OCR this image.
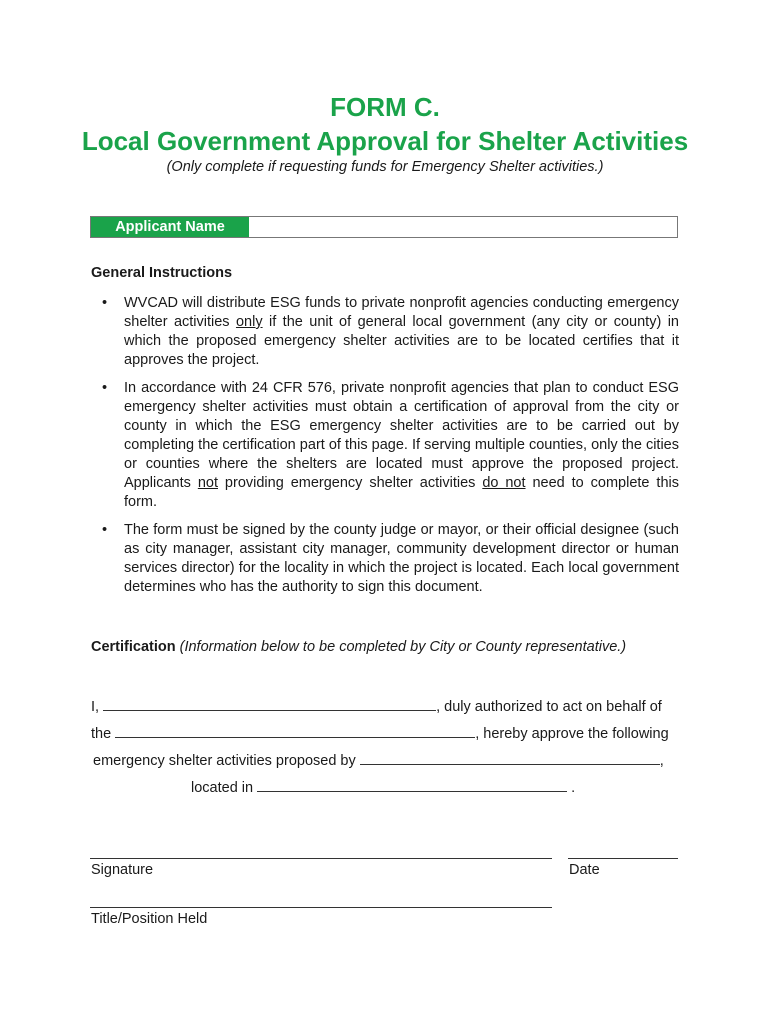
FORM C.
Local Government Approval for Shelter Activities
(Only complete if requesting funds for Emergency Shelter activities.)
Applicant Name
General Instructions
• WVCAD will distribute ESG funds to private nonprofit agencies conducting emergency shelter activities only if the unit of general local government (any city or county) in which the proposed emergency shelter activities are to be located certifies that it approves the project.
• In accordance with 24 CFR 576, private nonprofit agencies that plan to conduct ESG emergency shelter activities must obtain a certification of approval from the city or county in which the ESG emergency shelter activities are to be carried out by completing the certification part of this page. If serving multiple counties, only the cities or counties where the shelters are located must approve the proposed project. Applicants not providing emergency shelter activities do not need to complete this form.
• The form must be signed by the county judge or mayor, or their official designee (such as city manager, assistant city manager, community development director or human services director) for the locality in which the project is located. Each local government determines who has the authority to sign this document.
Certification (Information below to be completed by City or County representative.)
I,	, duly authorized to act on behalf of
the	, hereby approve the following
emergency shelter activities proposed by	,
located in	.
Signature	Date
Title/Position Held
